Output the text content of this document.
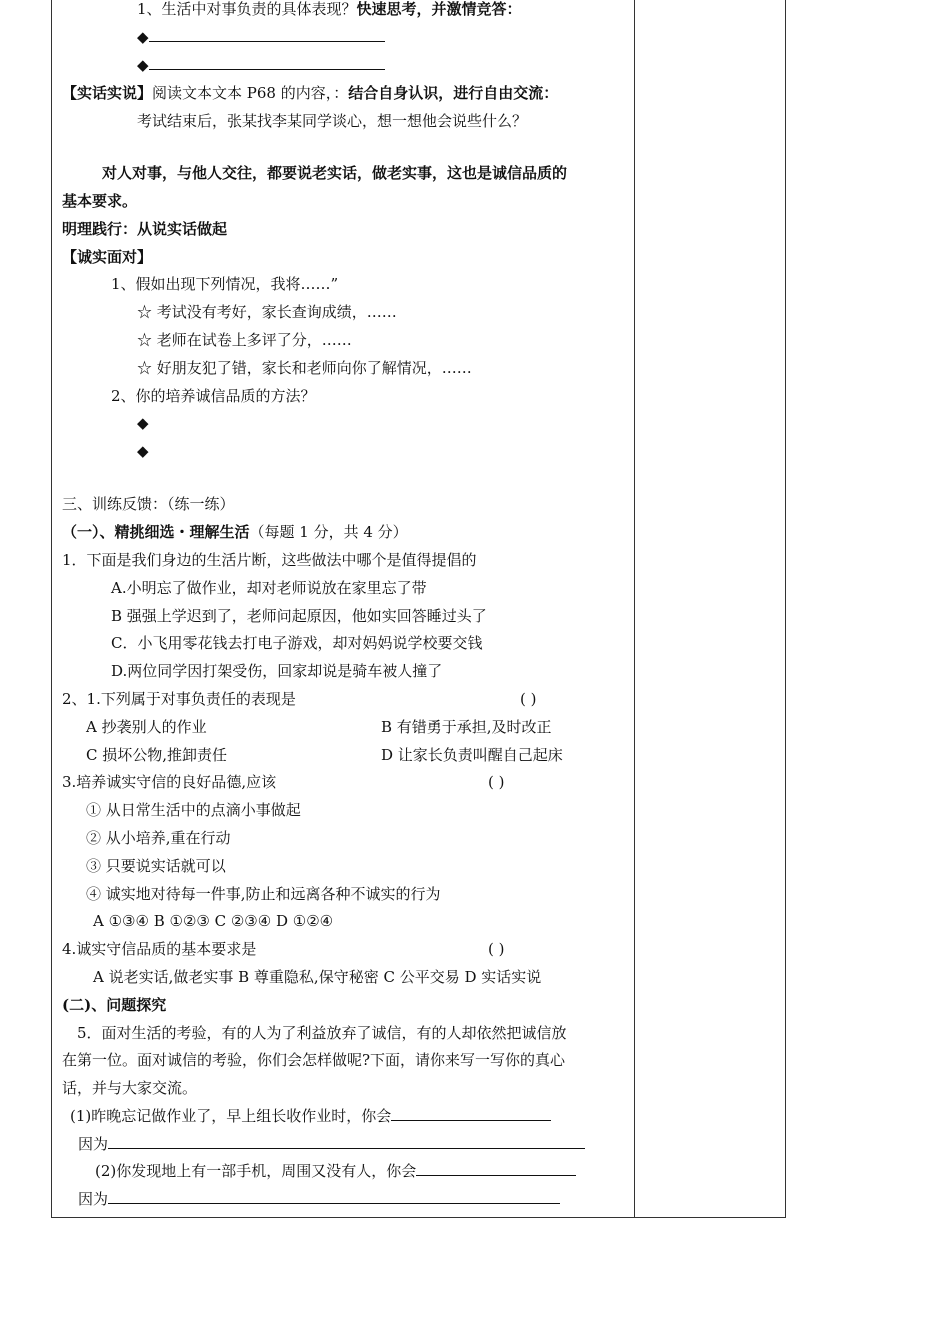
1、生活中对事负责的具体表现？快速思考，并激情竞答：
◆
◆
【实话实说】阅读文本文本 P68 的内容，：结合自身认识，进行自由交流：
考试结束后，张某找李某同学谈心，想一想他会说些什么？
对人对事，与他人交往，都要说老实话，做老实事，这也是诚信品质的
基本要求。
明理践行：从说实话做起
【诚实面对】
1、假如出现下列情况，我将……”
☆ 考试没有考好，家长查询成绩，……
☆ 老师在试卷上多评了分，……
☆ 好朋友犯了错，家长和老师向你了解情况，……
2、你的培养诚信品质的方法？
◆
◆
三、训练反馈：（练一练）
（一）、精挑细选・理解生活（每题 1 分，共 4 分）
1．下面是我们身边的生活片断，这些做法中哪个是值得提倡的
A.小明忘了做作业，却对老师说放在家里忘了带
B 强强上学迟到了，老师问起原因，他如实回答睡过头了
C．小飞用零花钱去打电子游戏，却对妈妈说学校要交钱
D.两位同学因打架受伤，回家却说是骑车被人撞了
2、1.下列属于对事负责任的表现是	( )
A 抄袭别人的作业	B 有错勇于承担,及时改正
C 损坏公物,推卸责任	D 让家长负责叫醒自己起床
3.培养诚实守信的良好品德,应该	( )
① 从日常生活中的点滴小事做起
② 从小培养,重在行动
③ 只要说实话就可以
④ 诚实地对待每一件事,防止和远离各种不诚实的行为
A ①③④ B ①②③ C ②③④ D ①②④
4.诚实守信品质的基本要求是	( )
A 说老实话,做老实事 B 尊重隐私,保守秘密 C 公平交易 D 实话实说
(二)、问题探究
5．面对生活的考验，有的人为了利益放弃了诚信，有的人却依然把诚信放
在第一位。面对诚信的考验，你们会怎样做呢?下面，请你来写一写你的真心
话，并与大家交流。
(1)昨晚忘记做作业了，早上组长收作业时，你会
因为
(2)你发现地上有一部手机，周围又没有人，你会
因为
